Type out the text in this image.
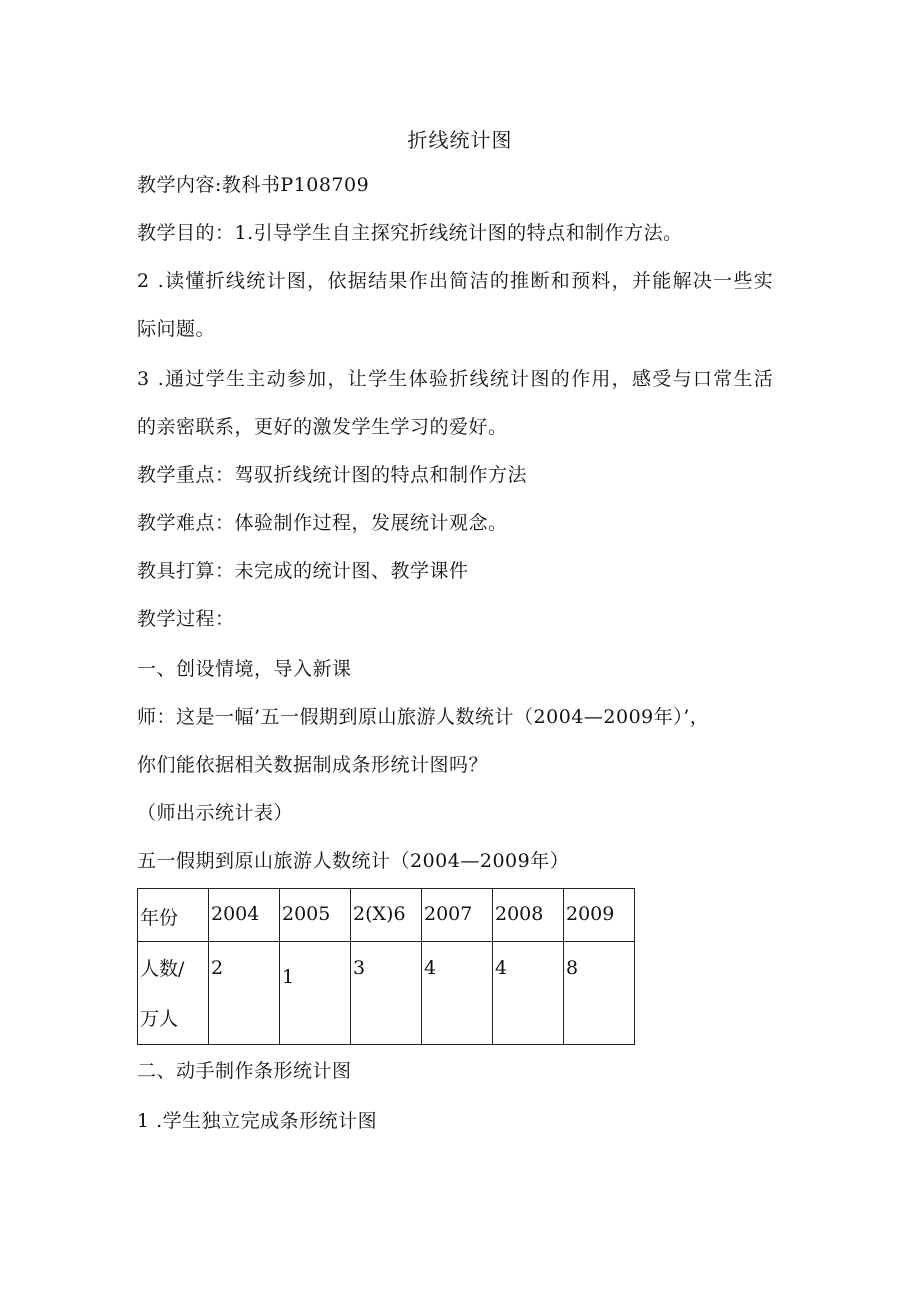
折线统计图
教学内容:教科书P108709
教学目的：1.引导学生自主探究折线统计图的特点和制作方法。
2 .读懂折线统计图，依据结果作出简洁的推断和预料，并能解决一些实
际问题。
3 .通过学生主动参加，让学生体验折线统计图的作用，感受与口常生活
的亲密联系，更好的激发学生学习的爱好。
教学重点：驾驭折线统计图的特点和制作方法
教学难点：体验制作过程，发展统计观念。
教具打算：未完成的统计图、教学课件
教学过程：
一、创设情境，导入新课
师：这是一幅’五一假期到原山旅游人数统计（2004—2009年）’，
你们能依据相关数据制成条形统计图吗？
（师出示统计表）
五一假期到原山旅游人数统计（2004—2009年）
年份	2004	2005	2(X)6	2007	2008	2009

人数/
万人	2	1	3	4	4	8
二、动手制作条形统计图
1 .学生独立完成条形统计图
